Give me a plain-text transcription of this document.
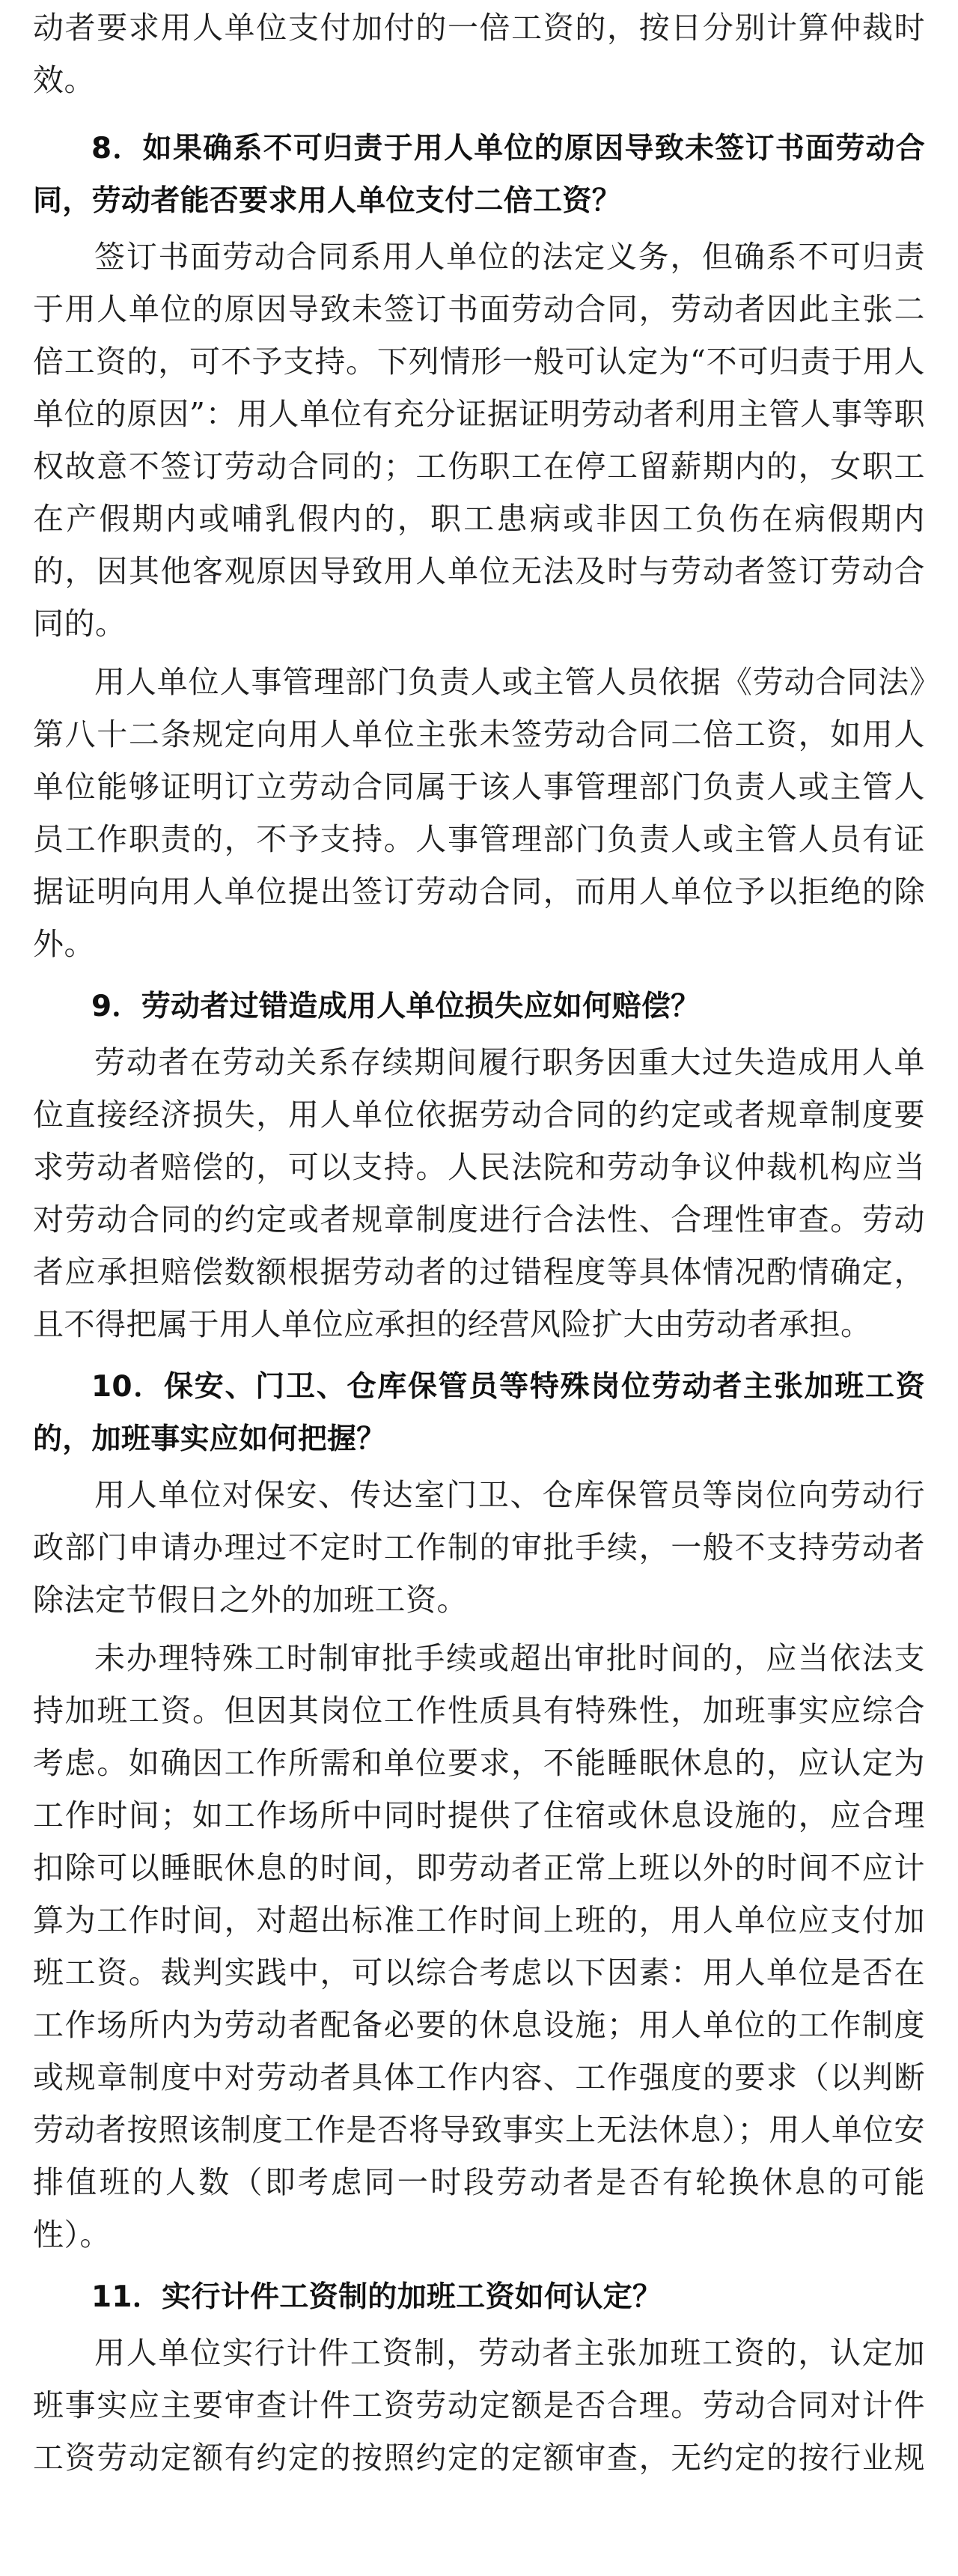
动者要求用人单位支付加付的一倍工资的，按日分别计算仲裁时效。

8．如果确系不可归责于用人单位的原因导致未签订书面劳动合同，劳动者能否要求用人单位支付二倍工资？

签订书面劳动合同系用人单位的法定义务，但确系不可归责于用人单位的原因导致未签订书面劳动合同，劳动者因此主张二倍工资的，可不予支持。下列情形一般可认定为“不可归责于用人单位的原因”：用人单位有充分证据证明劳动者利用主管人事等职权故意不签订劳动合同的；工伤职工在停工留薪期内的，女职工在产假期内或哺乳假内的，职工患病或非因工负伤在病假期内的，因其他客观原因导致用人单位无法及时与劳动者签订劳动合同的。

用人单位人事管理部门负责人或主管人员依据《劳动合同法》第八十二条规定向用人单位主张未签劳动合同二倍工资，如用人单位能够证明订立劳动合同属于该人事管理部门负责人或主管人员工作职责的，不予支持。人事管理部门负责人或主管人员有证据证明向用人单位提出签订劳动合同，而用人单位予以拒绝的除外。

9．劳动者过错造成用人单位损失应如何赔偿？

劳动者在劳动关系存续期间履行职务因重大过失造成用人单位直接经济损失，用人单位依据劳动合同的约定或者规章制度要求劳动者赔偿的，可以支持。人民法院和劳动争议仲裁机构应当对劳动合同的约定或者规章制度进行合法性、合理性审查。劳动者应承担赔偿数额根据劳动者的过错程度等具体情况酌情确定，且不得把属于用人单位应承担的经营风险扩大由劳动者承担。

10．保安、门卫、仓库保管员等特殊岗位劳动者主张加班工资的，加班事实应如何把握？

用人单位对保安、传达室门卫、仓库保管员等岗位向劳动行政部门申请办理过不定时工作制的审批手续，一般不支持劳动者除法定节假日之外的加班工资。

未办理特殊工时制审批手续或超出审批时间的，应当依法支持加班工资。但因其岗位工作性质具有特殊性，加班事实应综合考虑。如确因工作所需和单位要求，不能睡眠休息的，应认定为工作时间；如工作场所中同时提供了住宿或休息设施的，应合理扣除可以睡眠休息的时间，即劳动者正常上班以外的时间不应计算为工作时间，对超出标准工作时间上班的，用人单位应支付加班工资。裁判实践中，可以综合考虑以下因素：用人单位是否在工作场所内为劳动者配备必要的休息设施；用人单位的工作制度或规章制度中对劳动者具体工作内容、工作强度的要求（以判断劳动者按照该制度工作是否将导致事实上无法休息）；用人单位安排值班的人数（即考虑同一时段劳动者是否有轮换休息的可能性）。

11．实行计件工资制的加班工资如何认定？

用人单位实行计件工资制，劳动者主张加班工资的，认定加班事实应主要审查计件工资劳动定额是否合理。劳动合同对计件工资劳动定额有约定的按照约定的定额审查，无约定的按行业规
